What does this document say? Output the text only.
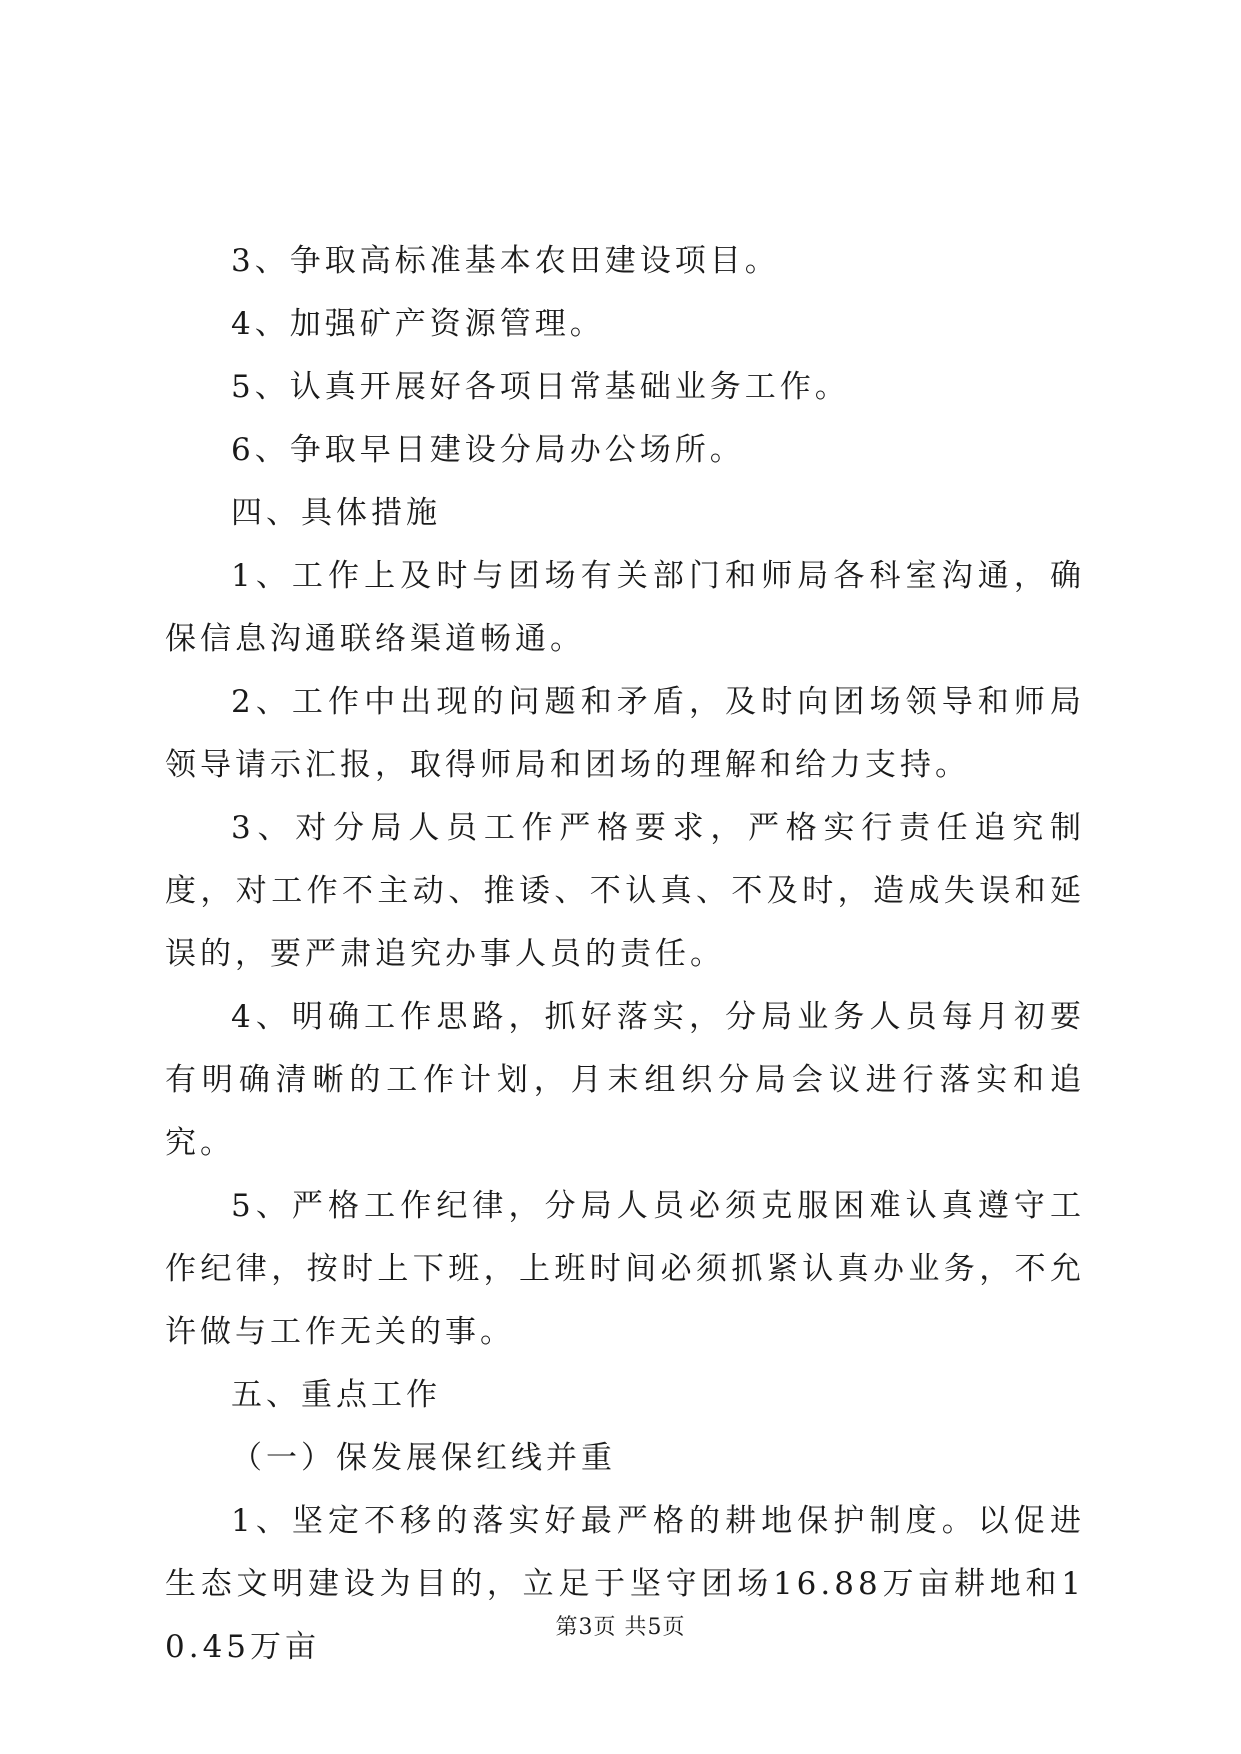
3、争取高标准基本农田建设项目。

4、加强矿产资源管理。

5、认真开展好各项日常基础业务工作。

6、争取早日建设分局办公场所。

四、具体措施

1、工作上及时与团场有关部门和师局各科室沟通，确保信息沟通联络渠道畅通。

2、工作中出现的问题和矛盾，及时向团场领导和师局领导请示汇报，取得师局和团场的理解和给力支持。

3、对分局人员工作严格要求，严格实行责任追究制度，对工作不主动、推诿、不认真、不及时，造成失误和延误的，要严肃追究办事人员的责任。

4、明确工作思路，抓好落实，分局业务人员每月初要有明确清晰的工作计划，月末组织分局会议进行落实和追究。

5、严格工作纪律，分局人员必须克服困难认真遵守工作纪律，按时上下班，上班时间必须抓紧认真办业务，不允许做与工作无关的事。

五、重点工作

（一）保发展保红线并重

1、坚定不移的落实好最严格的耕地保护制度。以促进生态文明建设为目的，立足于坚守团场16.88万亩耕地和10.45万亩

第3页 共5页
